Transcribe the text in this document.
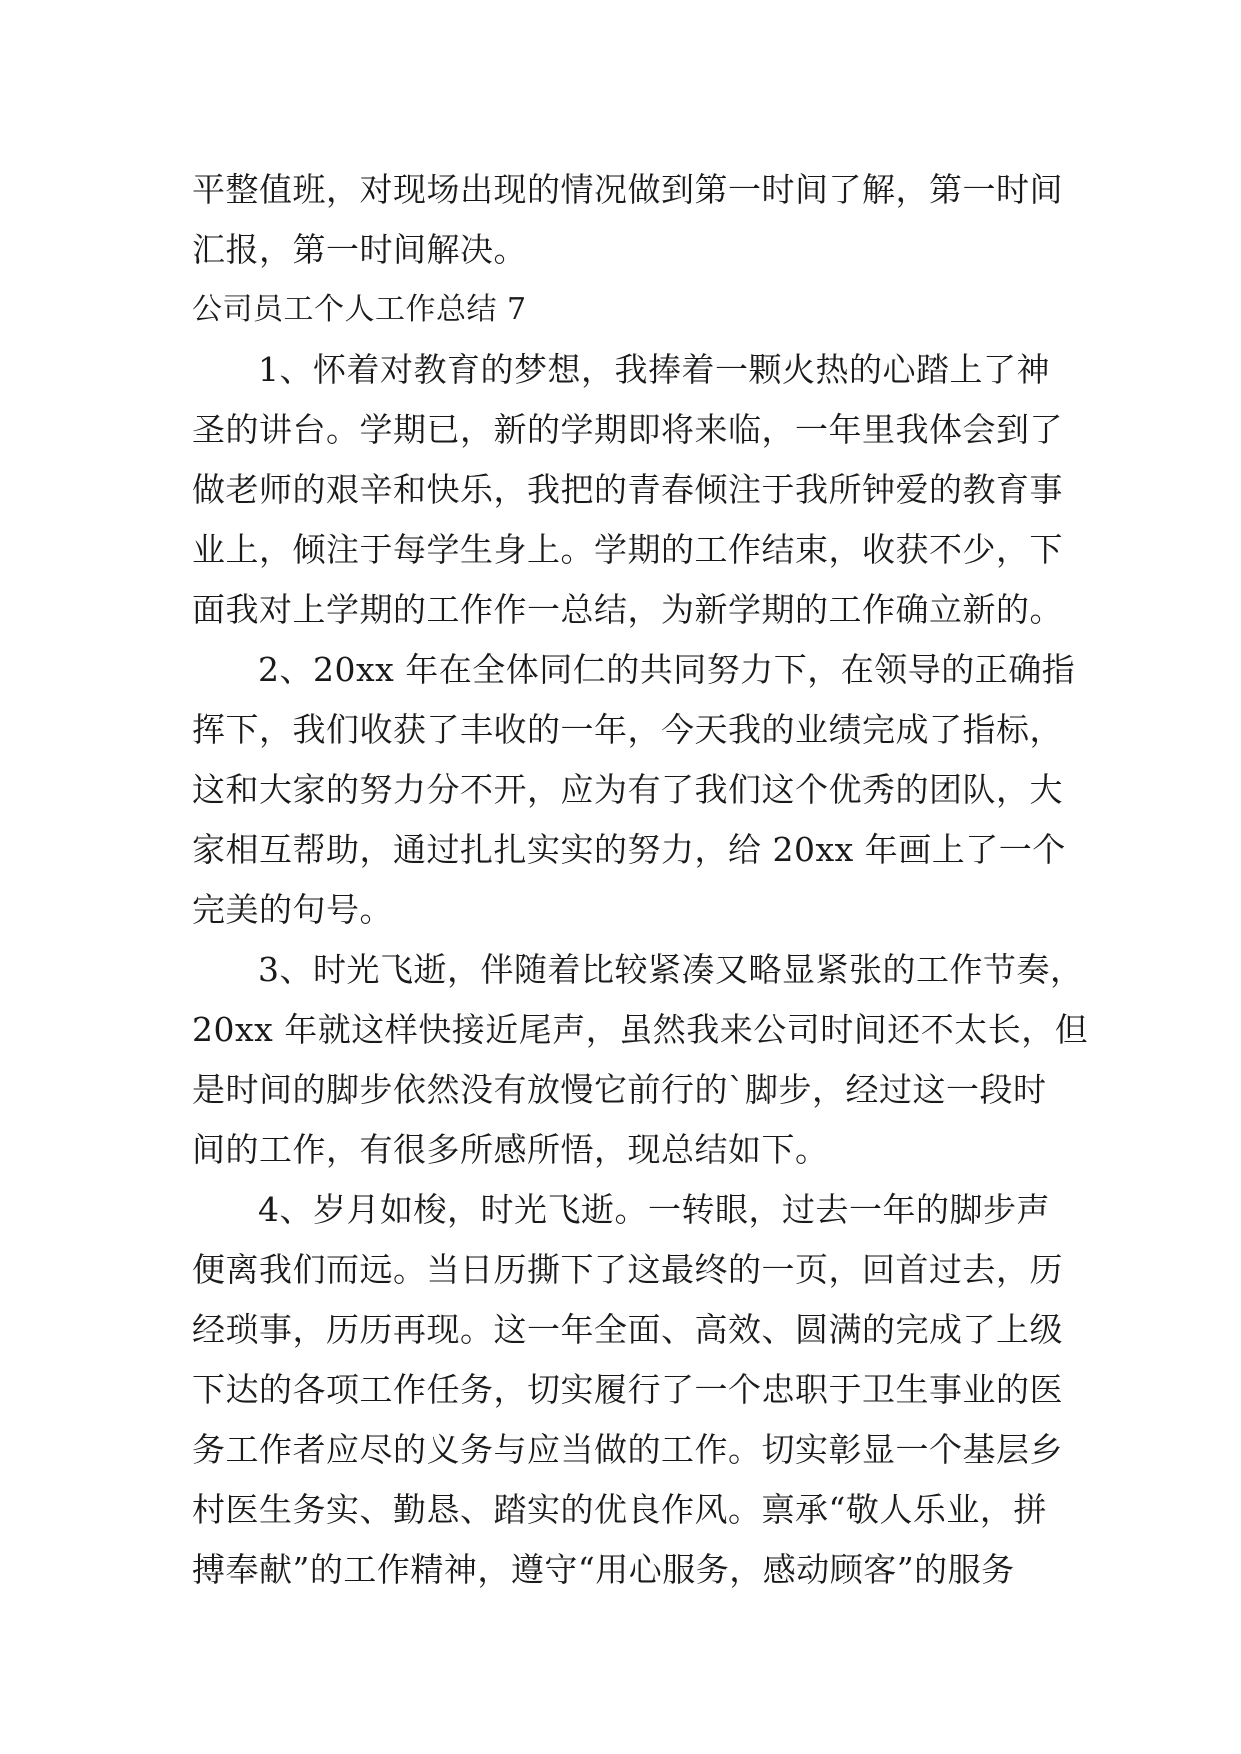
平整值班，对现场出现的情况做到第一时间了解，第一时间
汇报，第一时间解决。
公司员工个人工作总结 7
1、怀着对教育的梦想，我捧着一颗火热的心踏上了神
圣的讲台。学期已，新的学期即将来临，一年里我体会到了
做老师的艰辛和快乐，我把的青春倾注于我所钟爱的教育事
业上，倾注于每学生身上。学期的工作结束，收获不少，下
面我对上学期的工作作一总结，为新学期的工作确立新的。
2、20xx 年在全体同仁的共同努力下，在领导的正确指
挥下，我们收获了丰收的一年，今天我的业绩完成了指标，
这和大家的努力分不开，应为有了我们这个优秀的团队，大
家相互帮助，通过扎扎实实的努力，给 20xx 年画上了一个
完美的句号。
3、时光飞逝，伴随着比较紧凑又略显紧张的工作节奏，
20xx 年就这样快接近尾声，虽然我来公司时间还不太长，但
是时间的脚步依然没有放慢它前行的`脚步，经过这一段时
间的工作，有很多所感所悟，现总结如下。
4、岁月如梭，时光飞逝。一转眼，过去一年的脚步声
便离我们而远。当日历撕下了这最终的一页，回首过去，历
经琐事，历历再现。这一年全面、高效、圆满的完成了上级
下达的各项工作任务，切实履行了一个忠职于卫生事业的医
务工作者应尽的义务与应当做的工作。切实彰显一个基层乡
村医生务实、勤恳、踏实的优良作风。禀承“敬人乐业，拼
搏奉献”的工作精神，遵守“用心服务，感动顾客”的服务
